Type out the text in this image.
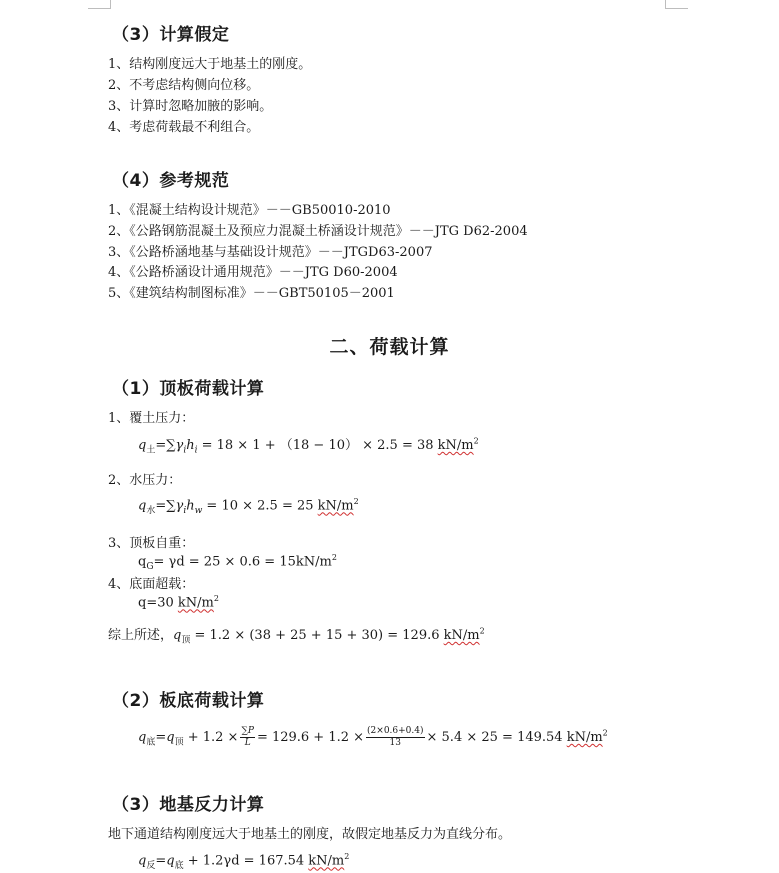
（3）计算假定
1、结构刚度远大于地基土的刚度。
2、不考虑结构侧向位移。
3、计算时忽略加腋的影响。
4、考虑荷载最不利组合。
（4）参考规范
1、《混凝土结构设计规范》－－GB50010-2010
2、《公路钢筋混凝土及预应力混凝土桥涵设计规范》－－JTG D62-2004
3、《公路桥涵地基与基础设计规范》－－JTGD63-2007
4、《公路桥涵设计通用规范》－－JTG D60-2004
5、《建筑结构制图标准》－－GBT50105－2001
二、荷载计算
（1）顶板荷载计算
1、覆土压力：
$q_土=\sum\gamma_ih_i = 18 \times 1 + (18 - 10) \times 2.5 = 38$ $kN/m^2$
2、水压力：
$q_水=\sum\gamma_ih_w = 10 \times 2.5 = 25$ $kN/m^2$
3、顶板自重：
$q_G= \gamma d = 25 \times 0.6 = 15kN/m^2$
4、底面超载：
q=30 $kN/m^2$
综上所述，$q_顶 = 1.2 \times (38 + 25 + 15 + 30) = 129.6$ $kN/m^2$
（2）板底荷载计算
$q_底=q_顶 + 1.2 \times \frac{\sum P}{L} = 129.6 + 1.2 \times \frac{(2\times 0.6+0.4)}{13} \times 5.4 \times 25 = 149.54$ $kN/m^2$
（3）地基反力计算
地下通道结构刚度远大于地基土的刚度，故假定地基反力为直线分布。
$q_反=q_底 + 1.2\gamma d = 167.54$ $kN/m^2$
